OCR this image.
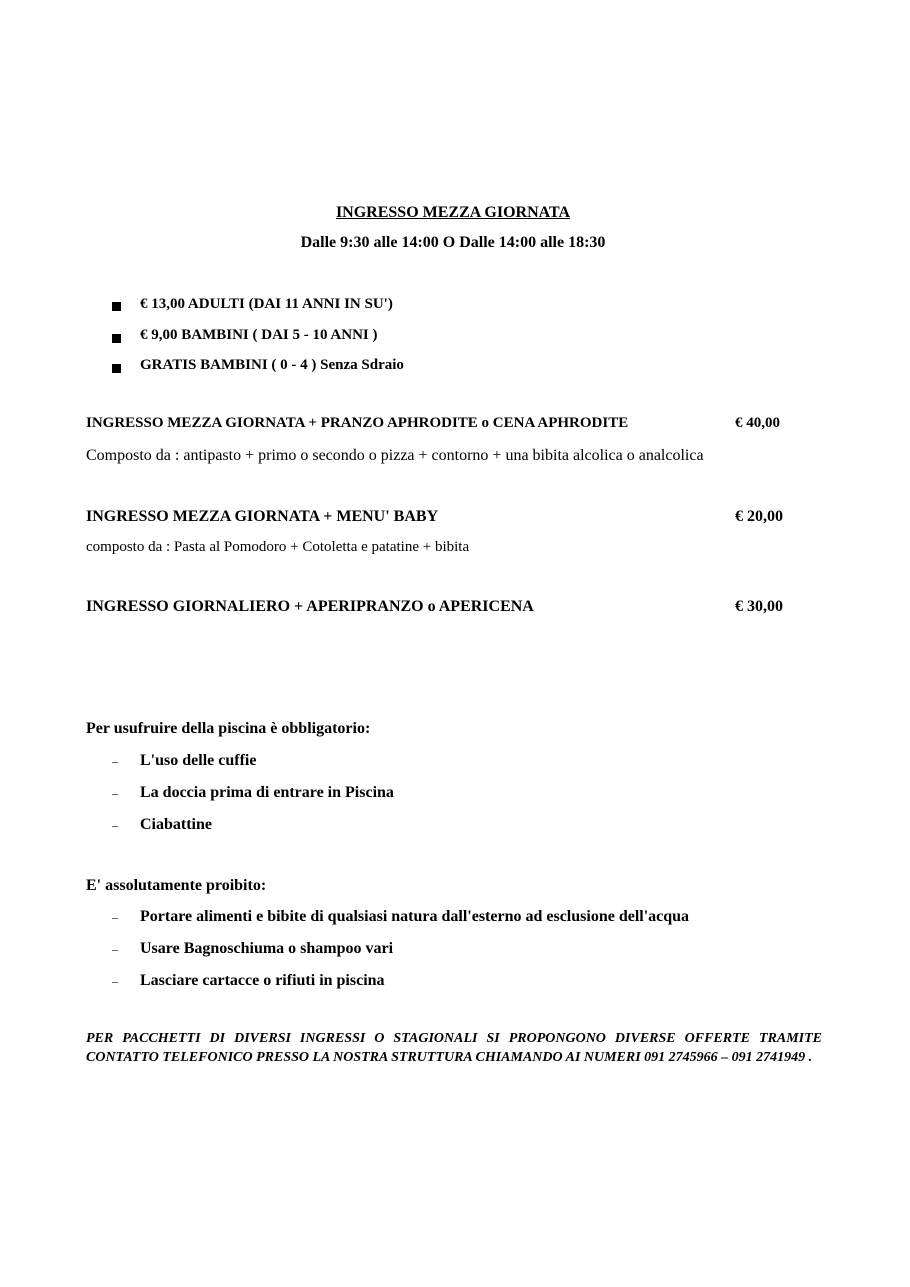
INGRESSO MEZZA GIORNATA
Dalle 9:30 alle 14:00 O Dalle 14:00 alle 18:30
€ 13,00 ADULTI (DAI 11 ANNI IN SU')
€ 9,00 BAMBINI ( DAI 5 - 10 ANNI )
GRATIS BAMBINI ( 0 - 4 ) Senza Sdraio
INGRESSO MEZZA GIORNATA + PRANZO APHRODITE o CENA APHRODITE	€ 40,00
Composto da : antipasto + primo o secondo o pizza + contorno + una bibita alcolica o analcolica
INGRESSO MEZZA GIORNATA + MENU' BABY	€ 20,00
composto da : Pasta al Pomodoro + Cotoletta e patatine + bibita
INGRESSO GIORNALIERO + APERIPRANZO o APERICENA	€ 30,00
Per usufruire della piscina è obbligatorio:
– L'uso delle cuffie
– La doccia prima di entrare in Piscina
– Ciabattine
E' assolutamente proibito:
– Portare alimenti e bibite di qualsiasi natura dall'esterno ad esclusione dell'acqua
– Usare Bagnoschiuma o shampoo vari
– Lasciare cartacce o rifiuti in piscina
PER PACCHETTI DI DIVERSI INGRESSI O STAGIONALI SI PROPONGONO DIVERSE OFFERTE TRAMITE CONTATTO TELEFONICO PRESSO LA NOSTRA STRUTTURA CHIAMANDO AI NUMERI 091 2745966 – 091 2741949 .
